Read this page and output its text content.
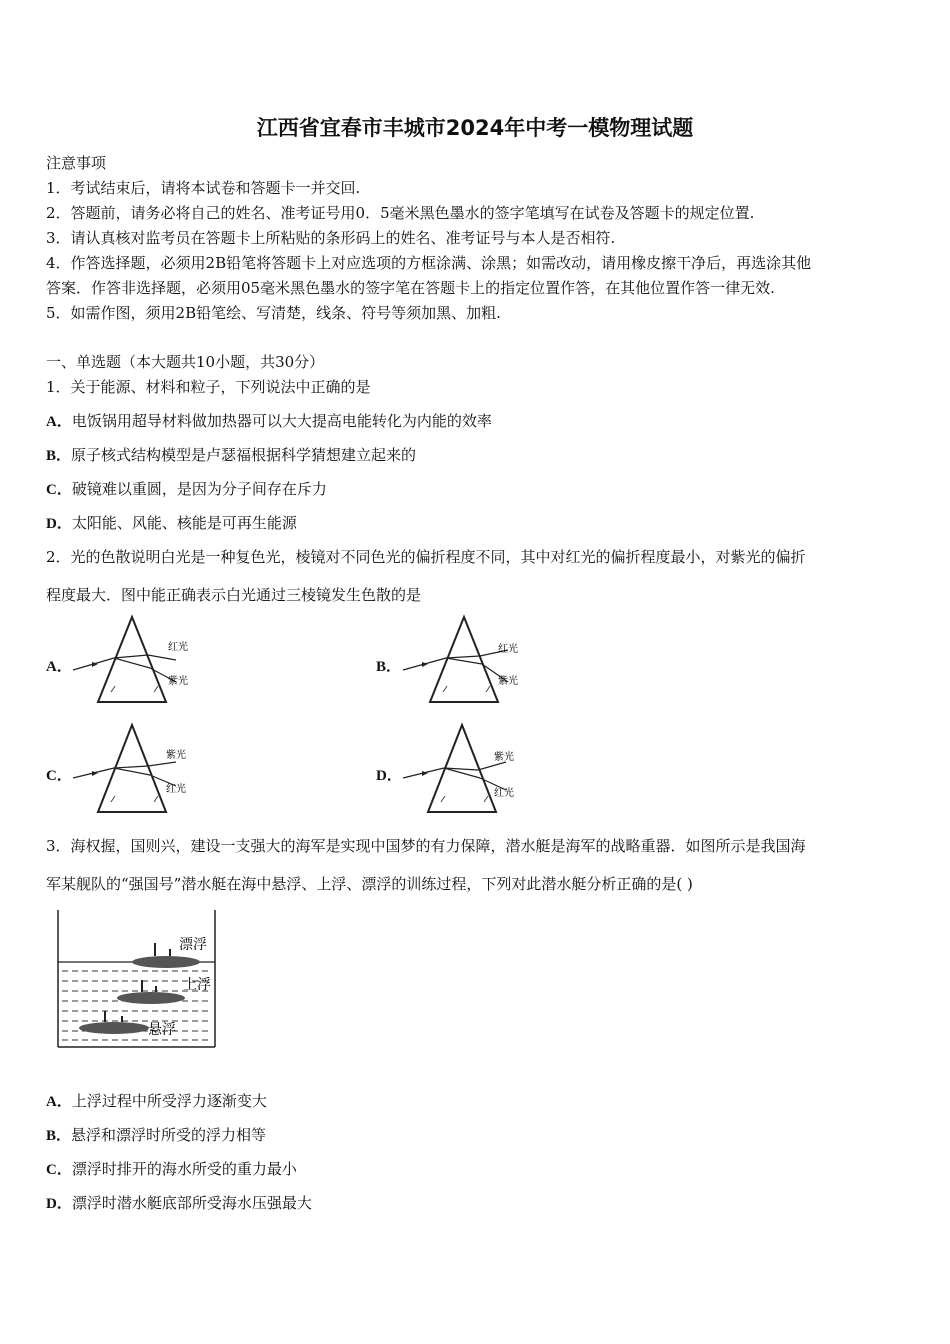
江西省宜春市丰城市2024年中考一模物理试题
注意事项
1．考试结束后，请将本试卷和答题卡一并交回.
2．答题前，请务必将自己的姓名、准考证号用0．5毫米黑色墨水的签字笔填写在试卷及答题卡的规定位置.
3．请认真核对监考员在答题卡上所粘贴的条形码上的姓名、准考证号与本人是否相符.
4．作答选择题，必须用2B铅笔将答题卡上对应选项的方框涂满、涂黑；如需改动，请用橡皮擦干净后，再选涂其他
答案．作答非选择题，必须用05毫米黑色墨水的签字笔在答题卡上的指定位置作答，在其他位置作答一律无效.
5．如需作图，须用2B铅笔绘、写清楚，线条、符号等须加黑、加粗.
一、单选题（本大题共10小题，共30分）
1．关于能源、材料和粒子，下列说法中正确的是
A．电饭锅用超导材料做加热器可以大大提高电能转化为内能的效率
B．原子核式结构模型是卢瑟福根据科学猜想建立起来的
C．破镜难以重圆，是因为分子间存在斥力
D．太阳能、风能、核能是可再生能源
2．光的色散说明白光是一种复色光，棱镜对不同色光的偏折程度不同，其中对红光的偏折程度最小，对紫光的偏折
程度最大．图中能正确表示白光通过三棱镜发生色散的是
A．
红光
紫光
B．
红光
紫光
C．
紫光
红光
D．
紫光
红光
3．海权握，国则兴，建设一支强大的海军是实现中国梦的有力保障，潜水艇是海军的战略重器．如图所示是我国海
军某舰队的“强国号”潜水艇在海中悬浮、上浮、漂浮的训练过程，下列对此潜水艇分析正确的是( )
漂浮
上浮
悬浮
A．上浮过程中所受浮力逐渐变大
B．悬浮和漂浮时所受的浮力相等
C．漂浮时排开的海水所受的重力最小
D．漂浮时潜水艇底部所受海水压强最大
